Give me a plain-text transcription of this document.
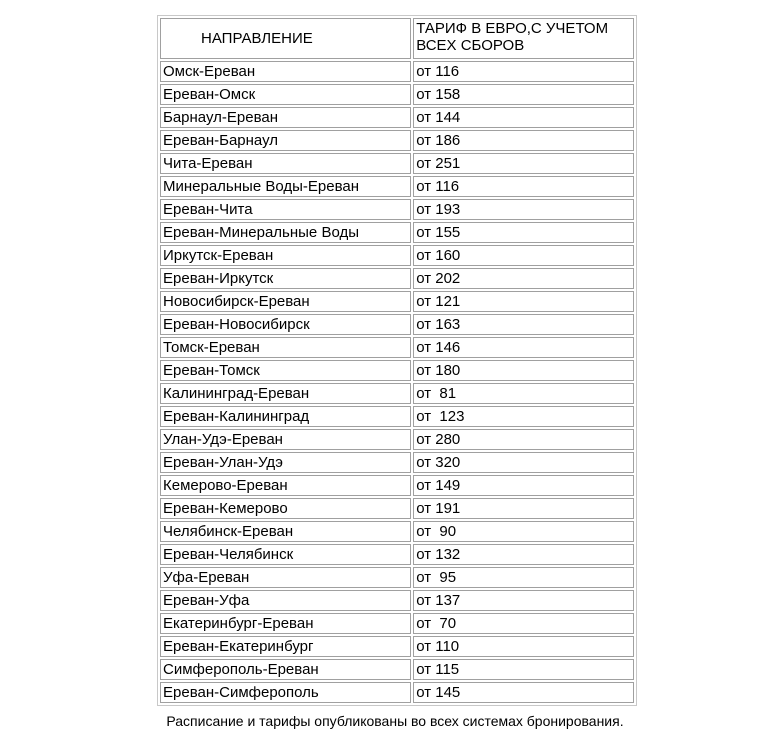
НАПРАВЛЕНИЕ	ТАРИФ В ЕВРО,С УЧЕТОМ ВСЕХ СБОРОВ
Омск-Ереван	от 116
Ереван-Омск	от 158
Барнаул-Ереван	от 144
Ереван-Барнаул	от 186
Чита-Ереван	от 251
Минеральные Воды-Ереван	от 116
Ереван-Чита	от 193
Ереван-Минеральные Воды	от 155
Иркутск-Ереван	от 160
Ереван-Иркутск	от 202
Новосибирск-Ереван	от 121
Ереван-Новосибирск	от 163
Томск-Ереван	от 146
Ереван-Томск	от 180
Калининград-Ереван	от  81
Ереван-Калининград	от  123
Улан-Удэ-Ереван	от 280
Ереван-Улан-Удэ	от 320
Кемерово-Ереван	от 149
Ереван-Кемерово	от 191
Челябинск-Ереван	от  90
Ереван-Челябинск	от 132
Уфа-Ереван	от  95
Ереван-Уфа	от 137
Екатеринбург-Ереван	от  70
Ереван-Екатеринбург	от 110
Симферополь-Ереван	от 115
Ереван-Симферополь	от 145
Расписание и тарифы опубликованы во всех системах бронирования.
